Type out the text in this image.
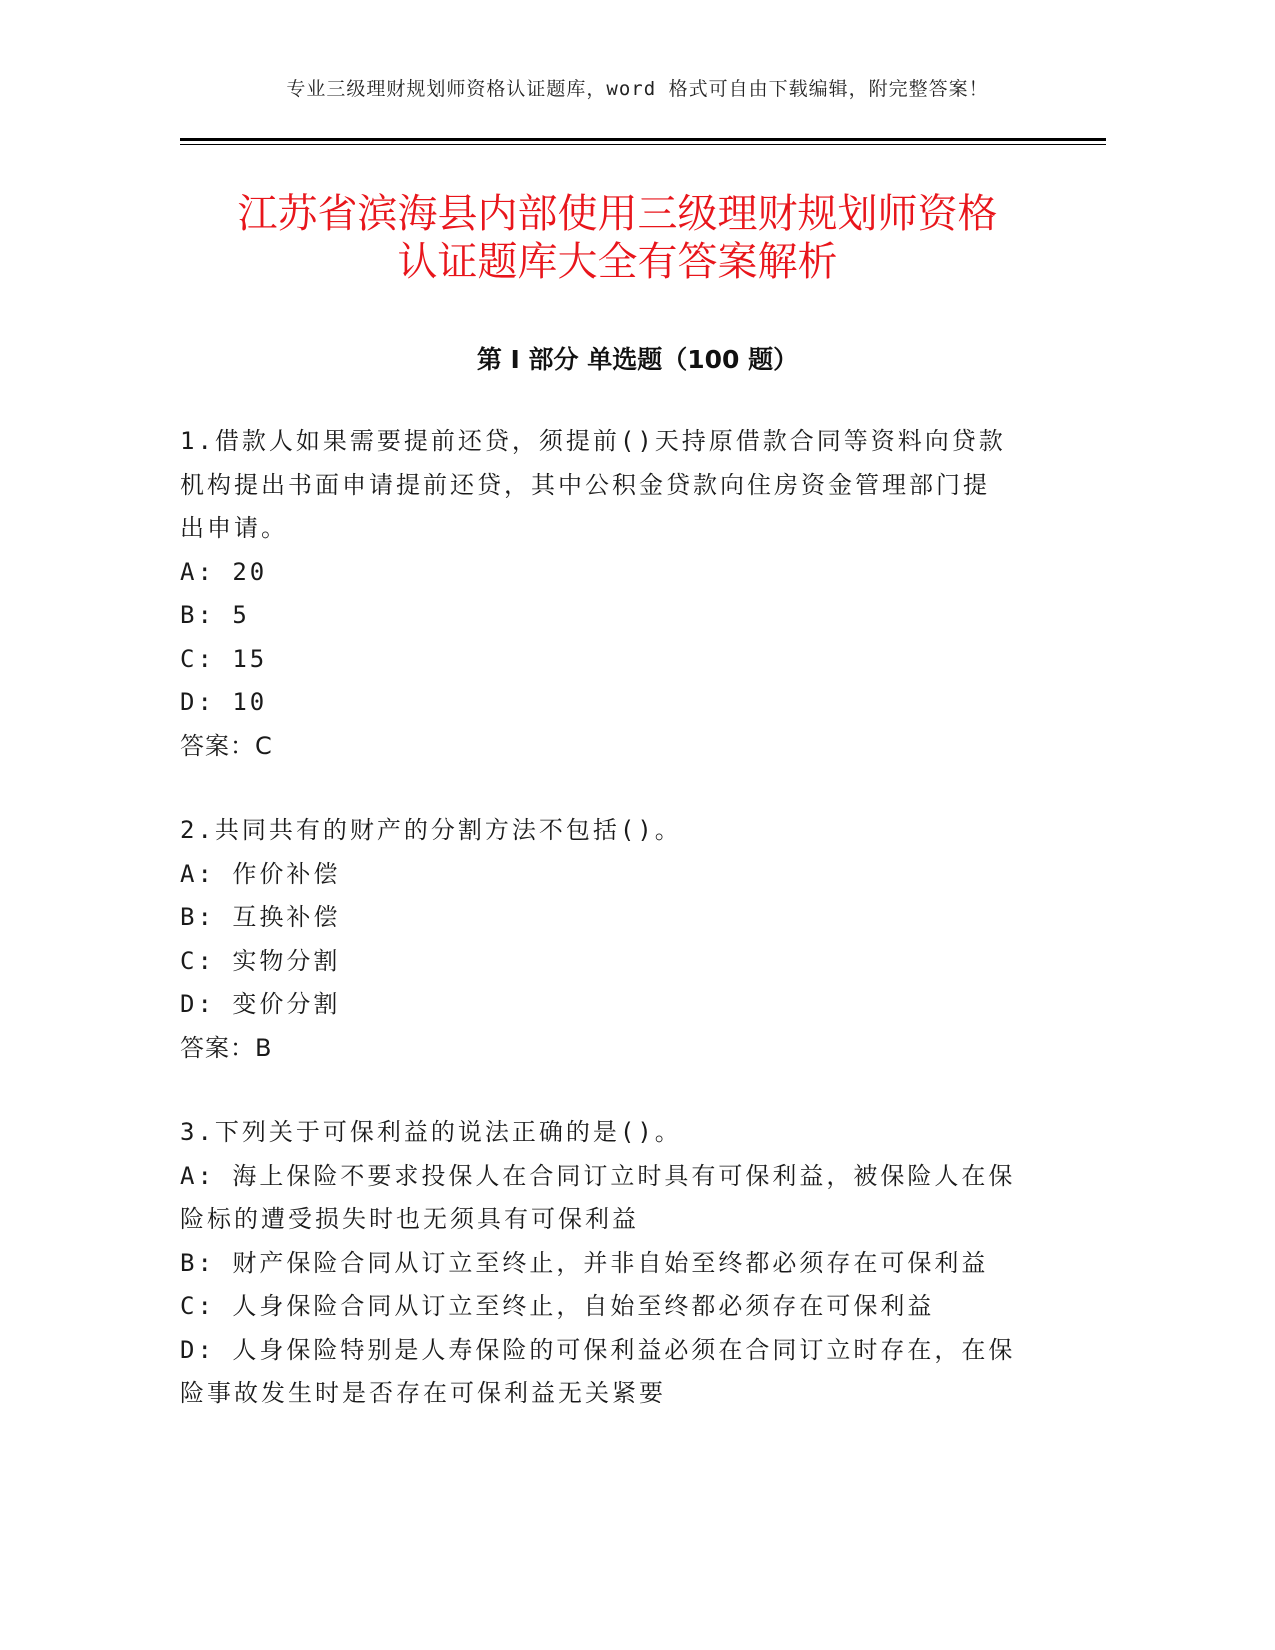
专业三级理财规划师资格认证题库，word 格式可自由下载编辑，附完整答案！
江苏省滨海县内部使用三级理财规划师资格
认证题库大全有答案解析
第 I 部分 单选题（100 题）
1.借款人如果需要提前还贷，须提前()天持原借款合同等资料向贷款
机构提出书面申请提前还贷，其中公积金贷款向住房资金管理部门提
出申请。
A: 20
B: 5
C: 15
D: 10
答案：C
2.共同共有的财产的分割方法不包括()。
A: 作价补偿
B: 互换补偿
C: 实物分割
D: 变价分割
答案：B
3.下列关于可保利益的说法正确的是()。
A: 海上保险不要求投保人在合同订立时具有可保利益，被保险人在保
险标的遭受损失时也无须具有可保利益
B: 财产保险合同从订立至终止，并非自始至终都必须存在可保利益
C: 人身保险合同从订立至终止，自始至终都必须存在可保利益
D: 人身保险特别是人寿保险的可保利益必须在合同订立时存在，在保
险事故发生时是否存在可保利益无关紧要
